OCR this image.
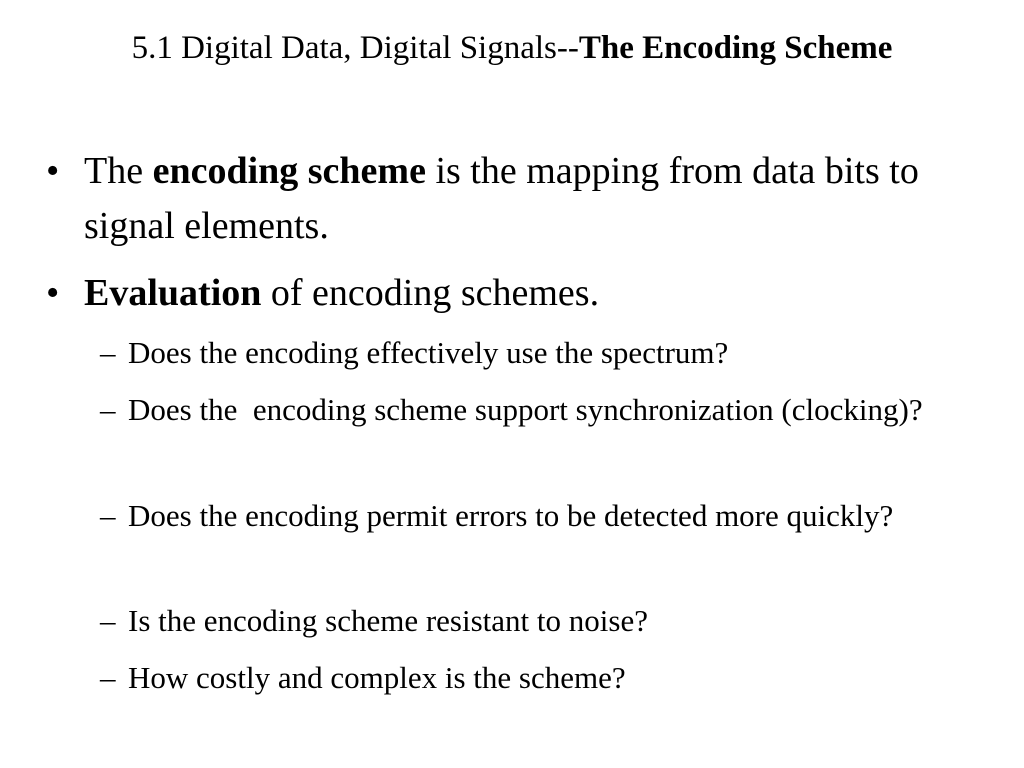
5.1 Digital Data, Digital Signals--The Encoding Scheme
• The encoding scheme is the mapping from data bits to signal elements.
• Evaluation of encoding schemes.
– Does the encoding effectively use the spectrum?
– Does the  encoding scheme support synchronization (clocking)?
– Does the encoding permit errors to be detected more quickly?
– Is the encoding scheme resistant to noise?
– How costly and complex is the scheme?
